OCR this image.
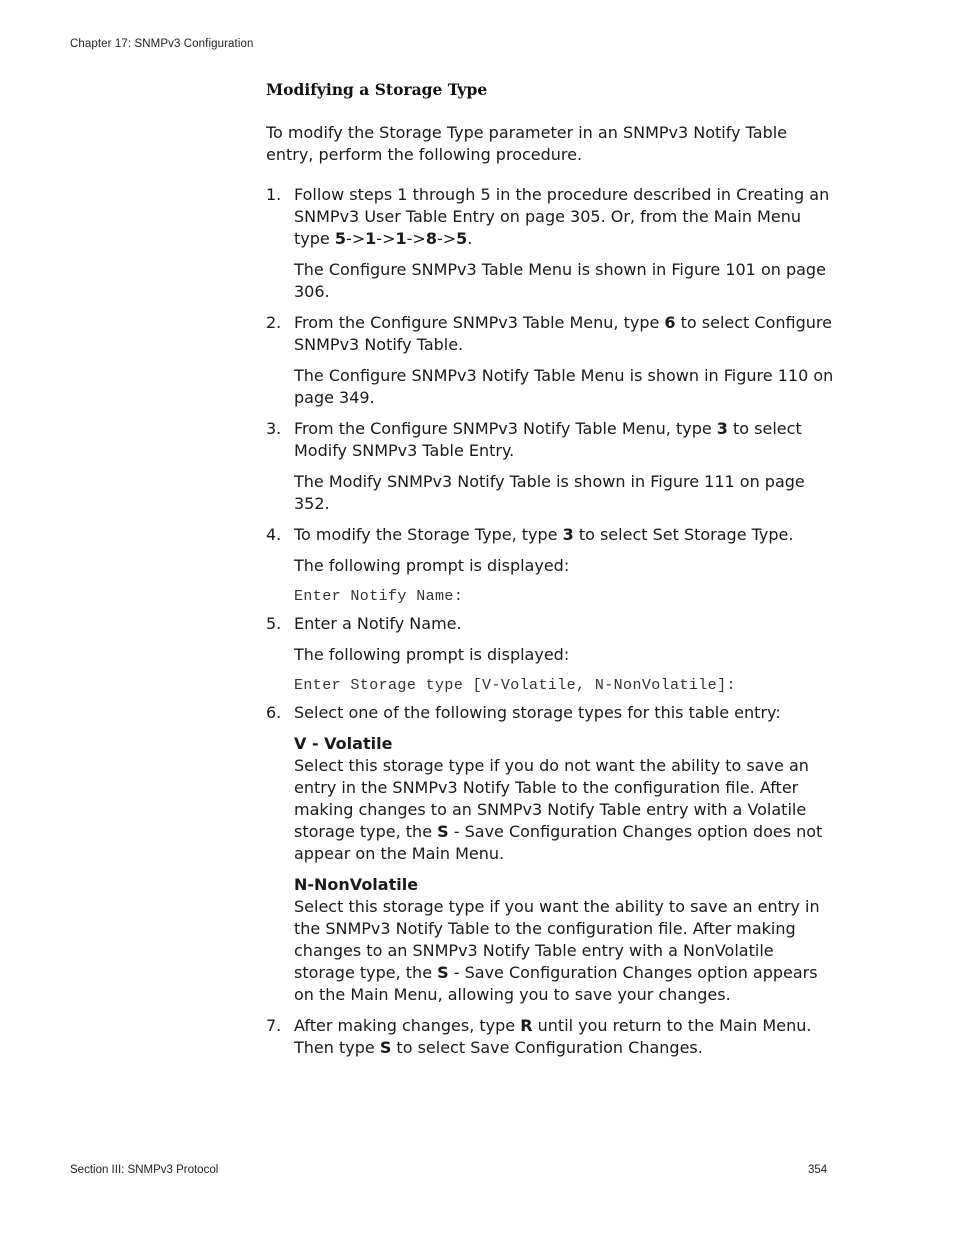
Chapter 17: SNMPv3 Configuration
Modifying a Storage Type

To modify the Storage Type parameter in an SNMPv3 Notify Table entry, perform the following procedure.

1. Follow steps 1 through 5 in the procedure described in Creating an SNMPv3 User Table Entry on page 305. Or, from the Main Menu type 5->1->1->8->5.

The Configure SNMPv3 Table Menu is shown in Figure 101 on page 306.

2. From the Configure SNMPv3 Table Menu, type 6 to select Configure SNMPv3 Notify Table.

The Configure SNMPv3 Notify Table Menu is shown in Figure 110 on page 349.

3. From the Configure SNMPv3 Notify Table Menu, type 3 to select Modify SNMPv3 Table Entry.

The Modify SNMPv3 Notify Table is shown in Figure 111 on page 352.

4. To modify the Storage Type, type 3 to select Set Storage Type.

The following prompt is displayed:

Enter Notify Name:
5. Enter a Notify Name.

The following prompt is displayed:

Enter Storage type [V-Volatile, N-NonVolatile]:
6. Select one of the following storage types for this table entry:
V - Volatile
Select this storage type if you do not want the ability to save an entry in the SNMPv3 Notify Table to the configuration file. After making changes to an SNMPv3 Notify Table entry with a Volatile storage type, the S - Save Configuration Changes option does not appear on the Main Menu.
N-NonVolatile
Select this storage type if you want the ability to save an entry in the SNMPv3 Notify Table to the configuration file. After making changes to an SNMPv3 Notify Table entry with a NonVolatile storage type, the S - Save Configuration Changes option appears on the Main Menu, allowing you to save your changes.
7. After making changes, type R until you return to the Main Menu. Then type S to select Save Configuration Changes.
Section III: SNMPv3 Protocol	354
